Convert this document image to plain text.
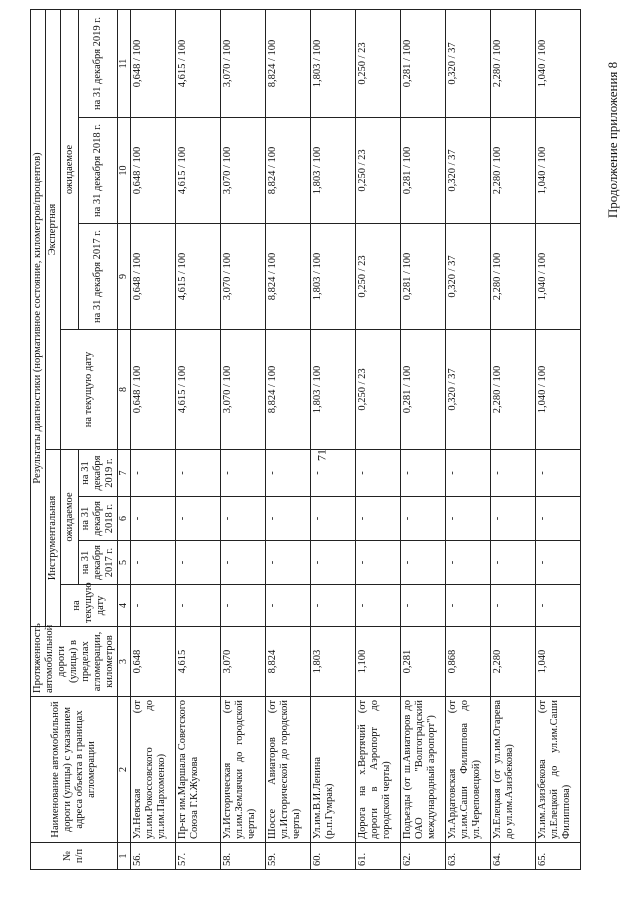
71
Продолжение приложения 8
№ п/п	Наименование автомобильной дороги (улицы) с указанием адреса объекта в границах агломерации	Протяженность автомобильной дороги (улицы) в пределах агломерации, километров	Результаты диагностики (нормативное состояние, километров/процентов)							
			Инструментальная				Экспертная			
			на текущую дату	ожидаемое			на текущую дату	ожидаемое		
				на 31 декабря 2017 г.	на 31 декабря 2018 г.	на 31 декабря 2019 г.		на 31 декабря 2017 г.	на 31 декабря 2018 г.	на 31 декабря 2019 г.
1	2	3	4	5	6	7	8	9	10	11
56.	Ул.Невская (от ул.им.Рокоссовского до ул.им.Пархоменко)	0,648	-	-	-	-	0,648 / 100	0,648 / 100	0,648 / 100	0,648 / 100
57.	Пр-кт им.Маршала Советского Союза Г.К.Жукова	4,615	-	-	-	-	4,615 / 100	4,615 / 100	4,615 / 100	4,615 / 100
58.	Ул.Историческая (от ул.им.Землячки до городской черты)	3,070	-	-	-	-	3,070 / 100	3,070 / 100	3,070 / 100	3,070 / 100
59.	Шоссе Авиаторов (от ул.Исторической до городской черты)	8,824	-	-	-	-	8,824 / 100	8,824 / 100	8,824 / 100	8,824 / 100
60.	Ул.им.В.И.Ленина (р.п.Гумрак)	1,803	-	-	-	-	1,803 / 100	1,803 / 100	1,803 / 100	1,803 / 100
61.	Дорога на х.Вертячий (от дороги в Аэропорт до городской черты)	1,100	-	-	-	-	0,250 / 23	0,250 / 23	0,250 / 23	0,250 / 23
62.	Подъезды (от ш.Авиаторов до ОАО "Волгоградский международный аэропорт")	0,281	-	-	-	-	0,281 / 100	0,281 / 100	0,281 / 100	0,281 / 100
63.	Ул.Ардатовская (от ул.им.Саши Филиппова до ул.Череповецкой)	0,868	-	-	-	-	0,320 / 37	0,320 / 37	0,320 / 37	0,320 / 37
64.	Ул.Елецкая (от ул.им.Огарева до ул.им.Азизбекова)	2,280	-	-	-	-	2,280 / 100	2,280 / 100	2,280 / 100	2,280 / 100
65.	Ул.им.Азизбекова (от ул.Елецкой до ул.им.Саши Филиппова)	1,040	-	-	-	-	1,040 / 100	1,040 / 100	1,040 / 100	1,040 / 100
